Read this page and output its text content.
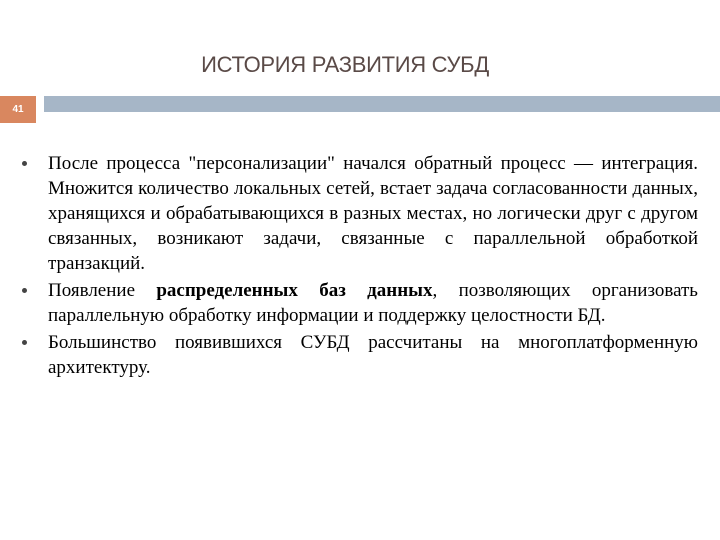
ИСТОРИЯ РАЗВИТИЯ СУБД
41
После процесса "персонализации" начался обратный процесс — интеграция. Множится количество локальных сетей, встает задача согласованности данных, хранящихся и обрабатывающихся в разных местах, но логически друг с другом связанных, возникают задачи, связанные с параллельной обработкой транзакций.
Появление распределенных баз данных, позволяющих организовать параллельную обработку информации и поддержку целостности БД.
Большинство появившихся СУБД рассчитаны на многоплатформенную архитектуру.
